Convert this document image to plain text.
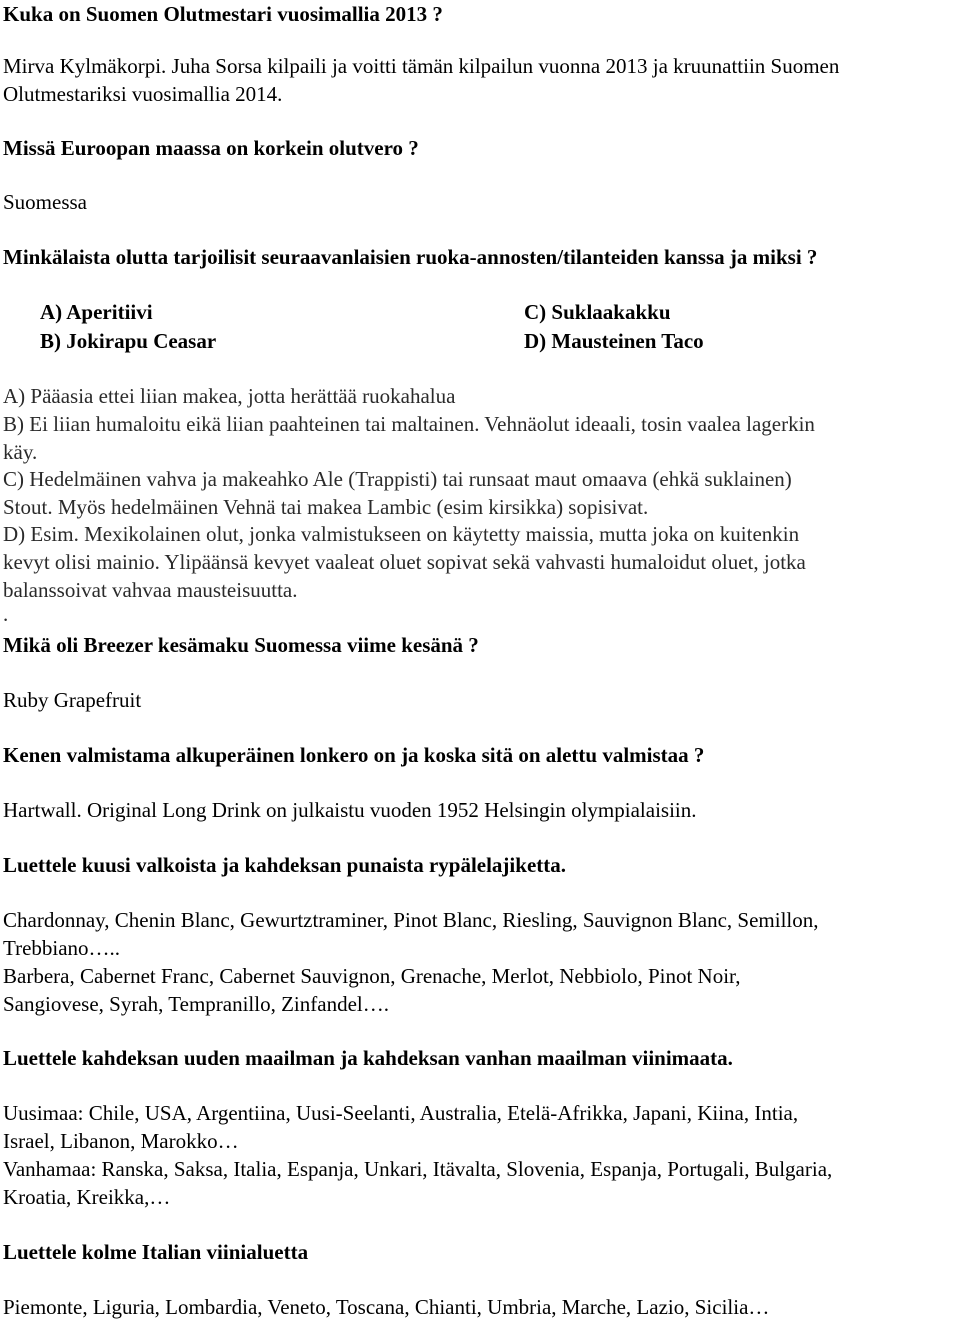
Kuka on Suomen Olutmestari vuosimallia 2013 ?

Mirva Kylmäkorpi. Juha Sorsa kilpaili ja voitti tämän kilpailun vuonna 2013 ja kruunattiin Suomen

Olutmestariksi vuosimallia 2014.

Missä Euroopan maassa on korkein olutvero ?

Suomessa

Minkälaista olutta tarjoilisit seuraavanlaisien ruoka-annosten/tilanteiden kanssa ja miksi ?

A) Aperitiivi	C) Suklaakakku

B) Jokirapu Ceasar	D) Mausteinen Taco

A) Pääasia ettei liian makea, jotta herättää ruokahalua

B) Ei liian humaloitu eikä liian paahteinen tai maltainen. Vehnäolut ideaali, tosin vaalea lagerkin

käy.

C) Hedelmäinen vahva ja makeahko Ale (Trappisti) tai runsaat maut omaava (ehkä suklainen)

Stout. Myös hedelmäinen Vehnä tai makea Lambic (esim kirsikka) sopisivat.

D) Esim. Mexikolainen olut, jonka valmistukseen on käytetty maissia, mutta joka on kuitenkin

kevyt olisi mainio. Ylipäänsä kevyet vaaleat oluet sopivat sekä vahvasti humaloidut oluet, jotka

balanssoivat vahvaa mausteisuutta.

.

Mikä oli Breezer kesämaku Suomessa viime kesänä ?

Ruby Grapefruit

Kenen valmistama alkuperäinen lonkero on ja koska sitä on alettu valmistaa ?

Hartwall. Original Long Drink on julkaistu vuoden 1952 Helsingin olympialaisiin.

Luettele kuusi valkoista ja kahdeksan punaista rypälelajiketta.

Chardonnay, Chenin Blanc, Gewurtztraminer, Pinot Blanc, Riesling, Sauvignon Blanc, Semillon,

Trebbiano…..

Barbera, Cabernet Franc, Cabernet Sauvignon, Grenache, Merlot, Nebbiolo, Pinot Noir,

Sangiovese, Syrah, Tempranillo, Zinfandel….

Luettele kahdeksan uuden maailman ja kahdeksan vanhan maailman viinimaata.

Uusimaa: Chile, USA, Argentiina, Uusi-Seelanti, Australia, Etelä-Afrikka, Japani, Kiina, Intia,

Israel, Libanon, Marokko…

Vanhamaa: Ranska, Saksa, Italia, Espanja, Unkari, Itävalta, Slovenia, Espanja, Portugali, Bulgaria,

Kroatia, Kreikka,…

Luettele kolme Italian viinialuetta

Piemonte, Liguria, Lombardia, Veneto, Toscana, Chianti, Umbria, Marche, Lazio, Sicilia…
